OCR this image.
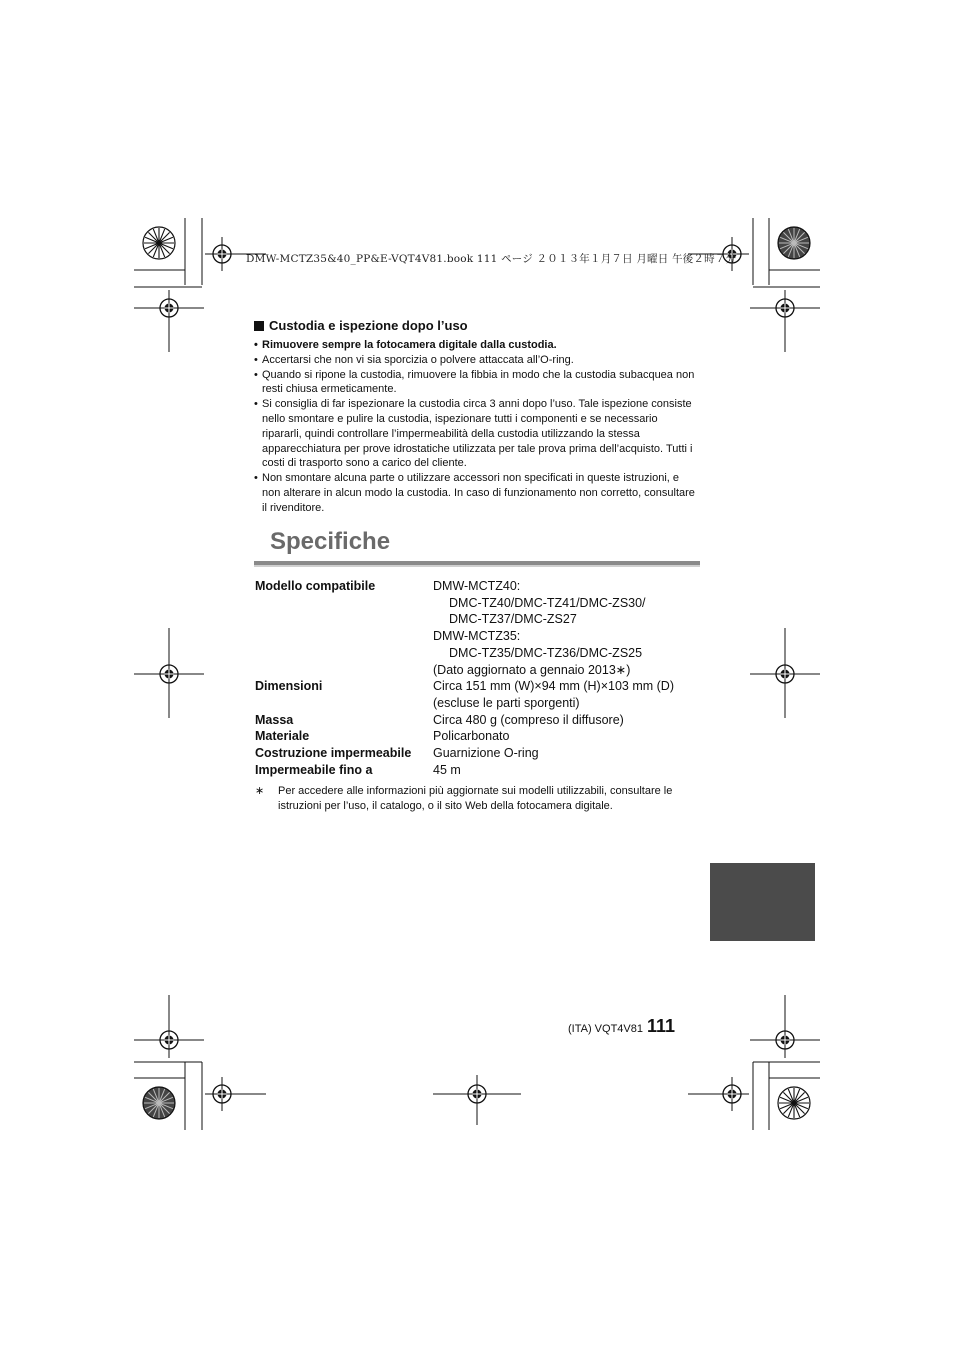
DMW-MCTZ35&40_PP&E-VQT4V81.book 111 ページ ２０１３年１月７日 月曜日 午後２時７分
Custodia e ispezione dopo l’uso
• Rimuovere sempre la fotocamera digitale dalla custodia.
• Accertarsi che non vi sia sporcizia o polvere attaccata all’O-ring.
• Quando si ripone la custodia, rimuovere la fibbia in modo che la custodia subacquea non resti chiusa ermeticamente.
• Si consiglia di far ispezionare la custodia circa 3 anni dopo l’uso. Tale ispezione consiste nello smontare e pulire la custodia, ispezionare tutti i componenti e se necessario ripararli, quindi controllare l’impermeabilità della custodia utilizzando la stessa apparecchiatura per prove idrostatiche utilizzata per tale prova prima dell’acquisto. Tutti i costi di trasporto sono a carico del cliente.
• Non smontare alcuna parte o utilizzare accessori non specificati in queste istruzioni, e non alterare in alcun modo la custodia. In caso di funzionamento non corretto, consultare il rivenditore.
Specifiche
Modello compatibile	DMW-MCTZ40:
DMC-TZ40/DMC-TZ41/DMC-ZS30/
DMC-TZ37/DMC-ZS27
DMW-MCTZ35:
DMC-TZ35/DMC-TZ36/DMC-ZS25
(Dato aggiornato a gennaio 2013∗)
Dimensioni	Circa 151 mm (W)×94 mm (H)×103 mm (D)
(escluse le parti sporgenti)
Massa	Circa 480 g (compreso il diffusore)
Materiale	Policarbonato
Costruzione impermeabile	Guarnizione O-ring
Impermeabile fino a	45 m
∗	Per accedere alle informazioni più aggiornate sui modelli utilizzabili, consultare le istruzioni per l’uso, il catalogo, o il sito Web della fotocamera digitale.
(ITA) VQT4V81 111
